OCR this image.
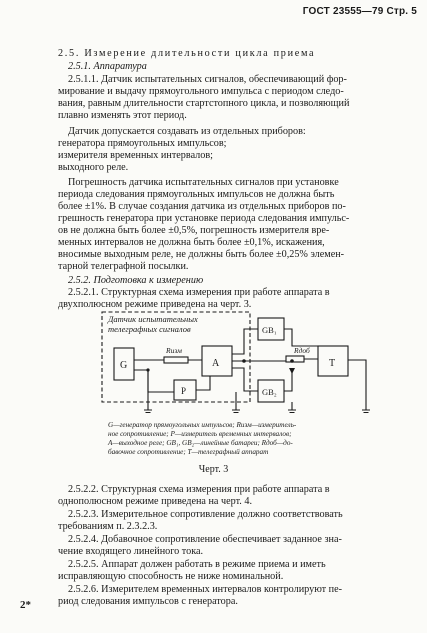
ГОСТ 23555—79 Стр. 5
2.5. Измерение длительности цикла приема
2.5.1. Аппаратура
2.5.1.1. Датчик испытательных сигналов, обеспечивающий фор-
мирование и выдачу прямоугольного импульса с периодом следо-
вания, равным длительности стартстопного цикла, и позволяющий
плавно изменять этот период.
Датчик допускается создавать из отдельных приборов:
генератора прямоугольных импульсов;
измерителя временных интервалов;
выходного реле.
Погрешность датчика испытательных сигналов при установке
периода следования прямоугольных импульсов не должна быть
более ±1%. В случае создания датчика из отдельных приборов по-
грешность генератора при установке периода следования импульс-
ов не должна быть более ±0,5%, погрешность измерителя вре-
менных интервалов не должна быть более ±0,1%, искажения,
вносимые выходным реле, не должны быть более ±0,25% элемен-
тарной телеграфной посылки.
2.5.2. Подготовка к измерению
2.5.2.1. Структурная схема измерения при работе аппарата в
двухполюсном режиме приведена на черт. 3.
Датчик испытательных
телеграфных сигналов
G
Rизм
A
P
GB₁
Rдоб
T
GB₂
G—генератор прямоугольных импульсов; Rизм—измеритель-
ное сопротивление; P—измеритель временных интервалов;
A—выходное реле; GB₁, GB₂—линейные батареи; Rдоб—до-
бавочное сопротивление; T—телеграфный аппарат
Черт. 3
2.5.2.2. Структурная схема измерения при работе аппарата в
однополюсном режиме приведена на черт. 4.
2.5.2.3. Измерительное сопротивление должно соответствовать
требованиям п. 2.3.2.3.
2.5.2.4. Добавочное сопротивление обеспечивает заданное зна-
чение входящего линейного тока.
2.5.2.5. Аппарат должен работать в режиме приема и иметь
исправляющую способность не ниже номинальной.
2.5.2.6. Измерителем временных интервалов контролируют пе-
риод следования импульсов с генератора.
2*
